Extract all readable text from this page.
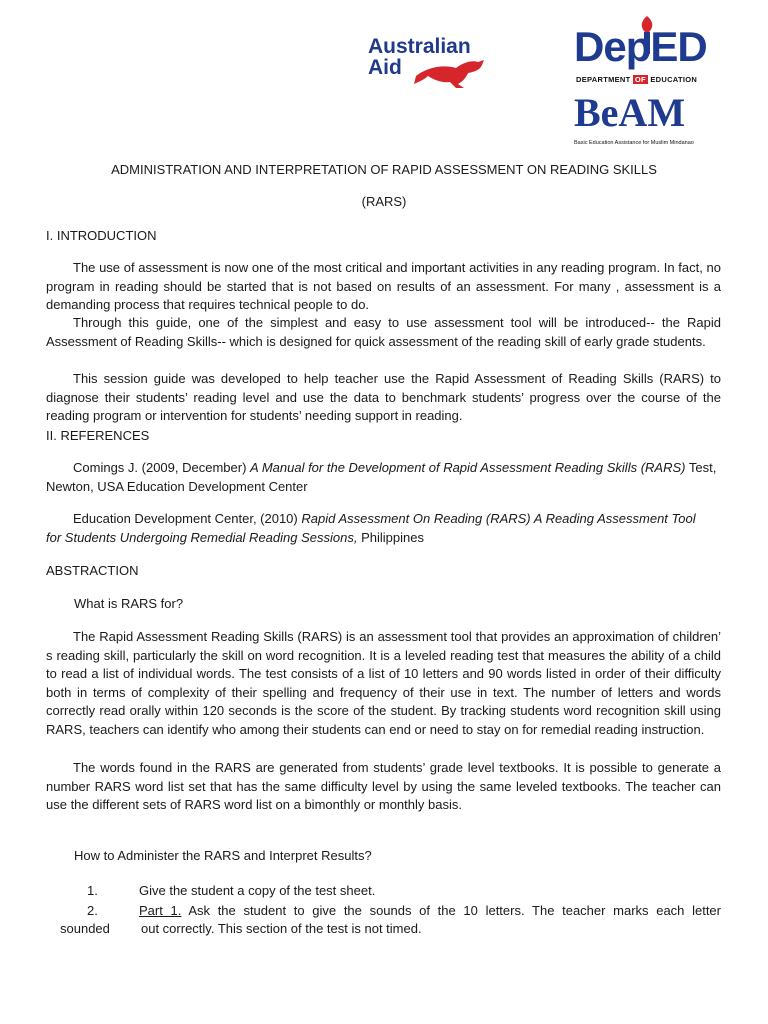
Australian
Aid	DepED
DEPARTMENT OF EDUCATION
BeAM
Basic Education Assistance for Muslim Mindanao

ADMINISTRATION AND INTERPRETATION OF RAPID ASSESSMENT ON READING SKILLS

(RARS)

I. INTRODUCTION

The use of assessment is now one of the most critical and important activities in any reading program. In fact, no program in reading should be started that is not based on results of an assessment. For many , assessment is a demanding process that requires technical people to do.

Through this guide, one of the simplest and easy to use assessment tool will be introduced-- the Rapid Assessment of Reading Skills-- which is designed for quick assessment of the reading skill of early grade students.

This session guide was developed to help teacher use the Rapid Assessment of Reading Skills (RARS) to diagnose their students’ reading level and use the data to benchmark students’ progress over the course of the reading program or intervention for students’ needing support in reading.

II. REFERENCES

Comings J. (2009, December) A Manual for the Development of Rapid Assessment Reading Skills (RARS) Test, Newton, USA Education Development Center

Education Development Center, (2010) Rapid Assessment On Reading (RARS) A Reading Assessment Tool for Students Undergoing Remedial Reading Sessions, Philippines

ABSTRACTION

What is RARS for?

The Rapid Assessment Reading Skills (RARS) is an assessment tool that provides an approximation of children’ s reading skill, particularly the skill on word recognition. It is a leveled reading test that measures the ability of a child to read a list of individual words. The test consists of a list of 10 letters and 90 words listed in order of their difficulty both in terms of complexity of their spelling and frequency of their use in text. The number of letters and words correctly read orally within 120 seconds is the score of the student. By tracking students word recognition skill using RARS, teachers can identify who among their students can end or need to stay on for remedial reading instruction.

The words found in the RARS are generated from students’ grade level textbooks. It is possible to generate a number RARS word list set that has the same difficulty level by using the same leveled textbooks. The teacher can use the different sets of RARS word list on a bimonthly or monthly basis.

How to Administer the RARS and Interpret Results?

1.	Give the student a copy of the test sheet.

2.	Part 1. Ask the student to give the sounds of the 10 letters. The teacher marks each letter

sounded out correctly. This section of the test is not timed.
